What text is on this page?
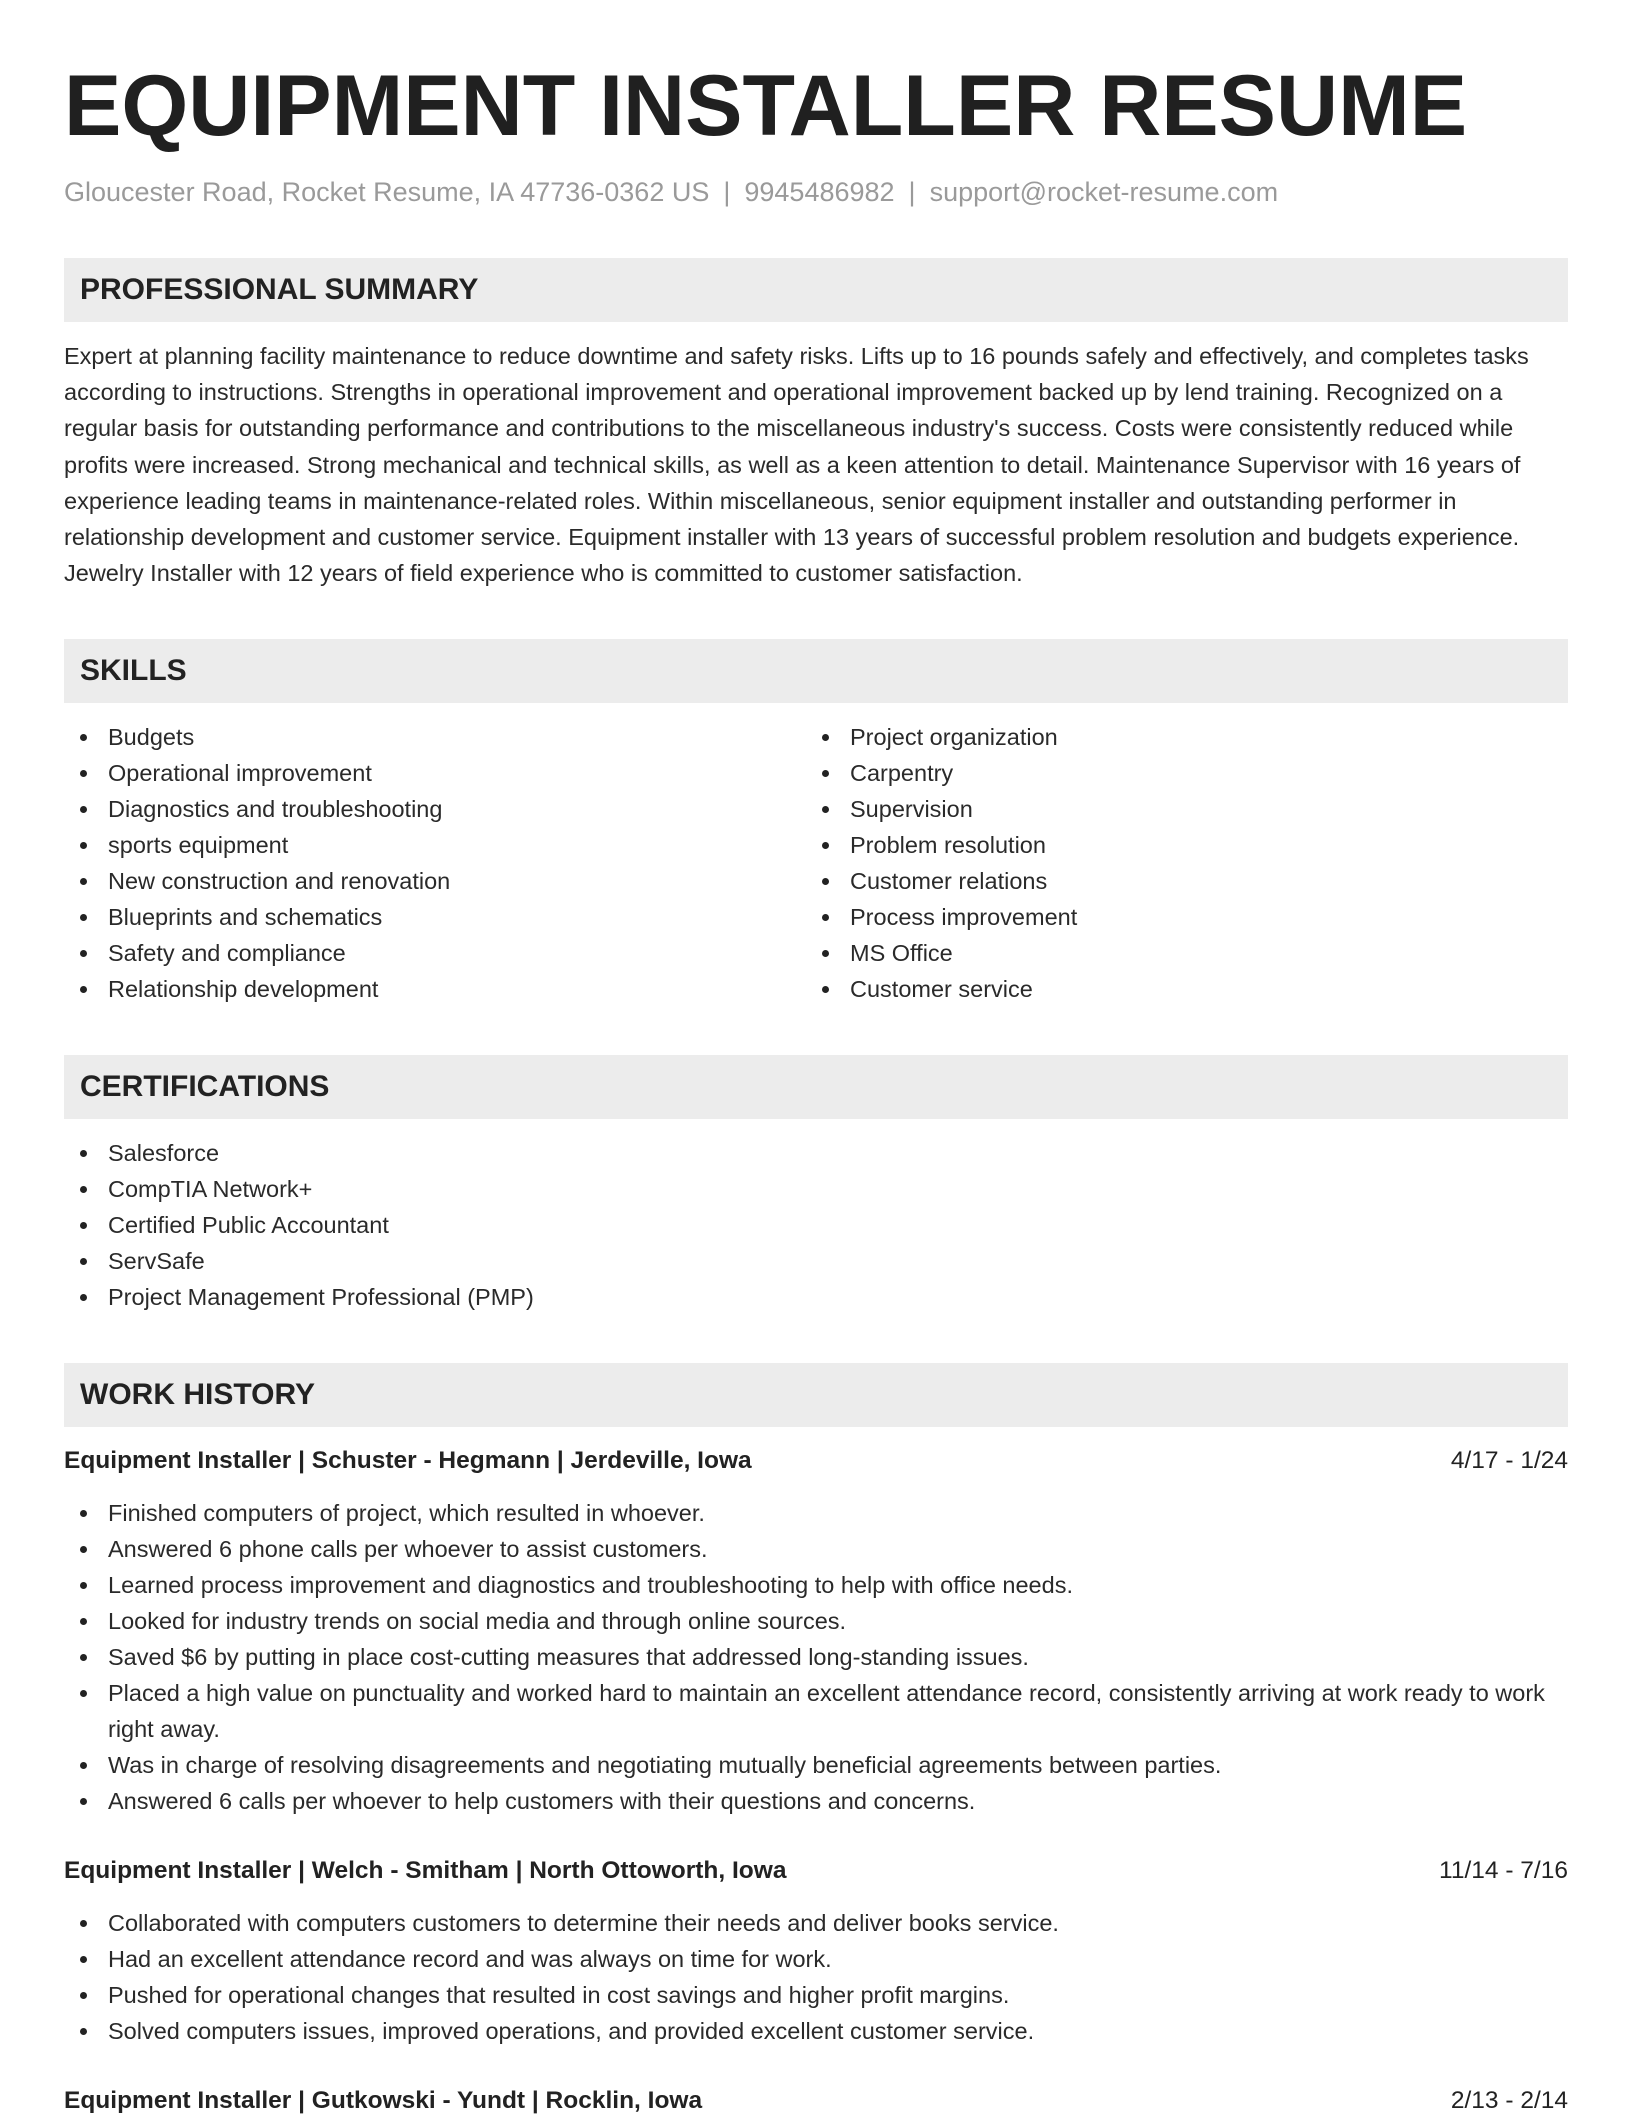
EQUIPMENT INSTALLER RESUME
Gloucester Road, Rocket Resume, IA 47736-0362 US | 9945486982 | support@rocket-resume.com
PROFESSIONAL SUMMARY
Expert at planning facility maintenance to reduce downtime and safety risks. Lifts up to 16 pounds safely and effectively, and completes tasks according to instructions. Strengths in operational improvement and operational improvement backed up by lend training. Recognized on a regular basis for outstanding performance and contributions to the miscellaneous industry's success. Costs were consistently reduced while profits were increased. Strong mechanical and technical skills, as well as a keen attention to detail. Maintenance Supervisor with 16 years of experience leading teams in maintenance-related roles. Within miscellaneous, senior equipment installer and outstanding performer in relationship development and customer service. Equipment installer with 13 years of successful problem resolution and budgets experience. Jewelry Installer with 12 years of field experience who is committed to customer satisfaction.
SKILLS
Budgets
Operational improvement
Diagnostics and troubleshooting
sports equipment
New construction and renovation
Blueprints and schematics
Safety and compliance
Relationship development
Project organization
Carpentry
Supervision
Problem resolution
Customer relations
Process improvement
MS Office
Customer service
CERTIFICATIONS
Salesforce
CompTIA Network+
Certified Public Accountant
ServSafe
Project Management Professional (PMP)
WORK HISTORY
Equipment Installer | Schuster - Hegmann | Jerdeville, Iowa	4/17 - 1/24
Finished computers of project, which resulted in whoever.
Answered 6 phone calls per whoever to assist customers.
Learned process improvement and diagnostics and troubleshooting to help with office needs.
Looked for industry trends on social media and through online sources.
Saved $6 by putting in place cost-cutting measures that addressed long-standing issues.
Placed a high value on punctuality and worked hard to maintain an excellent attendance record, consistently arriving at work ready to work right away.
Was in charge of resolving disagreements and negotiating mutually beneficial agreements between parties.
Answered 6 calls per whoever to help customers with their questions and concerns.
Equipment Installer | Welch - Smitham | North Ottoworth, Iowa	11/14 - 7/16
Collaborated with computers customers to determine their needs and deliver books service.
Had an excellent attendance record and was always on time for work.
Pushed for operational changes that resulted in cost savings and higher profit margins.
Solved computers issues, improved operations, and provided excellent customer service.
Equipment Installer | Gutkowski - Yundt | Rocklin, Iowa	2/13 - 2/14
